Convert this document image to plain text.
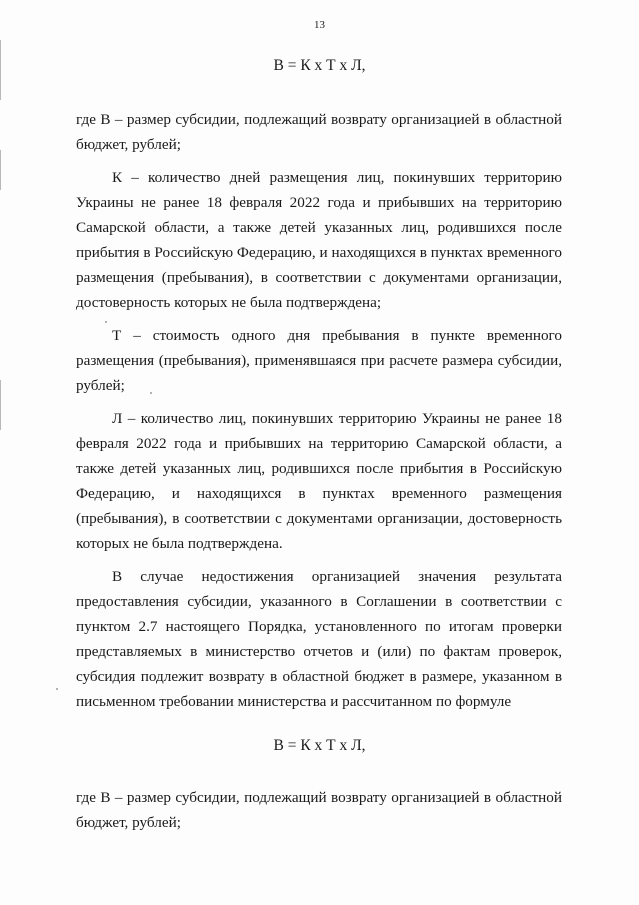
13
В = К х Т х Л,

где В – размер субсидии, подлежащий возврату организацией в областной бюджет, рублей;

К – количество дней размещения лиц, покинувших территорию Украины не ранее 18 февраля 2022 года и прибывших на территорию Самарской области, а также детей указанных лиц, родившихся после прибытия в Российскую Федерацию, и находящихся в пунктах временного размещения (пребывания), в соответствии с документами организации, достоверность которых не была подтверждена;

Т – стоимость одного дня пребывания в пункте временного размещения (пребывания), применявшаяся при расчете размера субсидии, рублей;

Л – количество лиц, покинувших территорию Украины не ранее 18 февраля 2022 года и прибывших на территорию Самарской области, а также детей указанных лиц, родившихся после прибытия в Российскую Федерацию, и находящихся в пунктах временного размещения (пребывания), в соответствии с документами организации, достоверность которых не была подтверждена.

В случае недостижения организацией значения результата предоставления субсидии, указанного в Соглашении в соответствии с пунктом 2.7 настоящего Порядка, установленного по итогам проверки представляемых в министерство отчетов и (или) по фактам проверок, субсидия подлежит возврату в областной бюджет в размере, указанном в письменном требовании министерства и рассчитанном по формуле

В = К х Т х Л,

где В – размер субсидии, подлежащий возврату организацией в областной бюджет, рублей;
